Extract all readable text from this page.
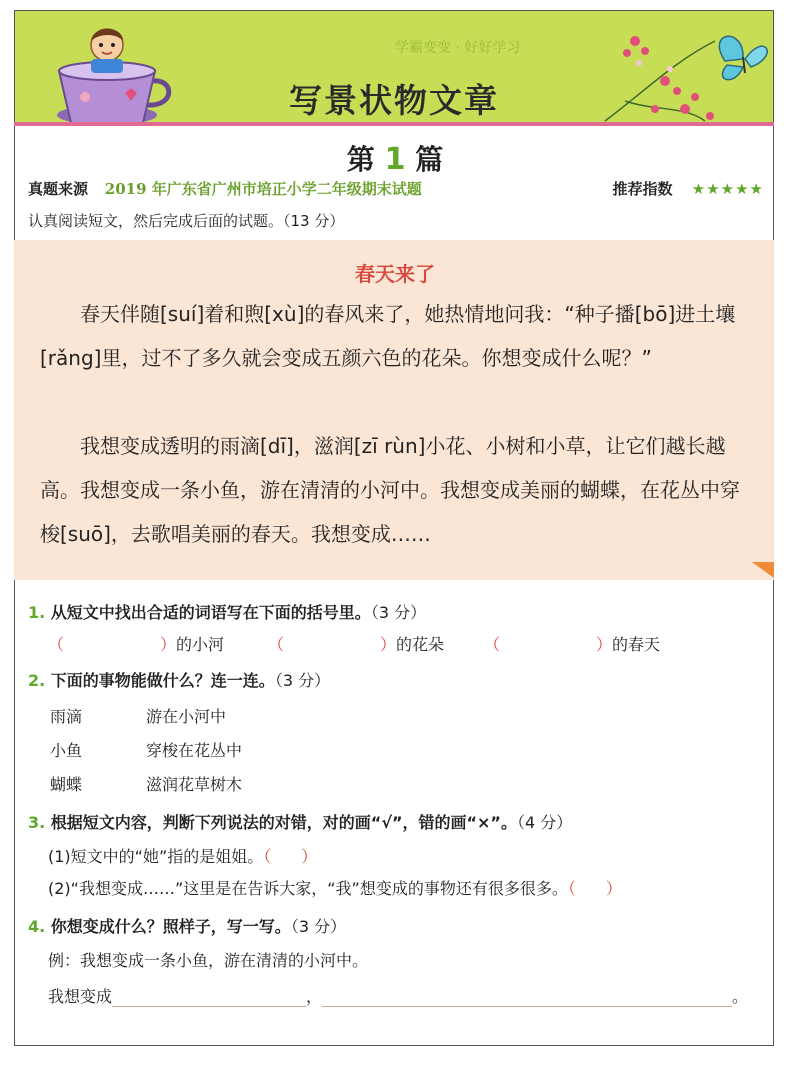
学霸变变 · 好好学习
写景状物文章
第 1 篇
真题来源 2019 年广东省广州市培正小学二年级期末试题	推荐指数 ★★★★★
认真阅读短文，然后完成后面的试题。（13 分）
春天来了

春天伴随[suí]着和煦[xù]的春风来了，她热情地问我：“种子播[bō]进土壤[rǎng]里，过不了多久就会变成五颜六色的花朵。你想变成什么呢？”

我想变成透明的雨滴[dī]，滋润[zī rùn]小花、小树和小草，让它们越长越高。我想变成一条小鱼，游在清清的小河中。我想变成美丽的蝴蝶，在花丛中穿梭[suō]，去歌唱美丽的春天。我想变成……

1. 从短文中找出合适的词语写在下面的括号里。（3 分）
（	）的小河	（	）的花朵 （	）的春天
2. 下面的事物能做什么？连一连。（3 分）
雨滴
小鱼
蝴蝶
游在小河中
穿梭在花丛中
滋润花草树木
3. 根据短文内容，判断下列说法的对错，对的画“√”，错的画“×”。（4 分）
(1)短文中的“她”指的是姐姐。（ ）
(2)“我想变成……”这里是在告诉大家，“我”想变成的事物还有很多很多。（ ）
4. 你想变成什么？照样子，写一写。（3 分）
例：我想变成一条小鱼，游在清清的小河中。
我想变成	，	。
